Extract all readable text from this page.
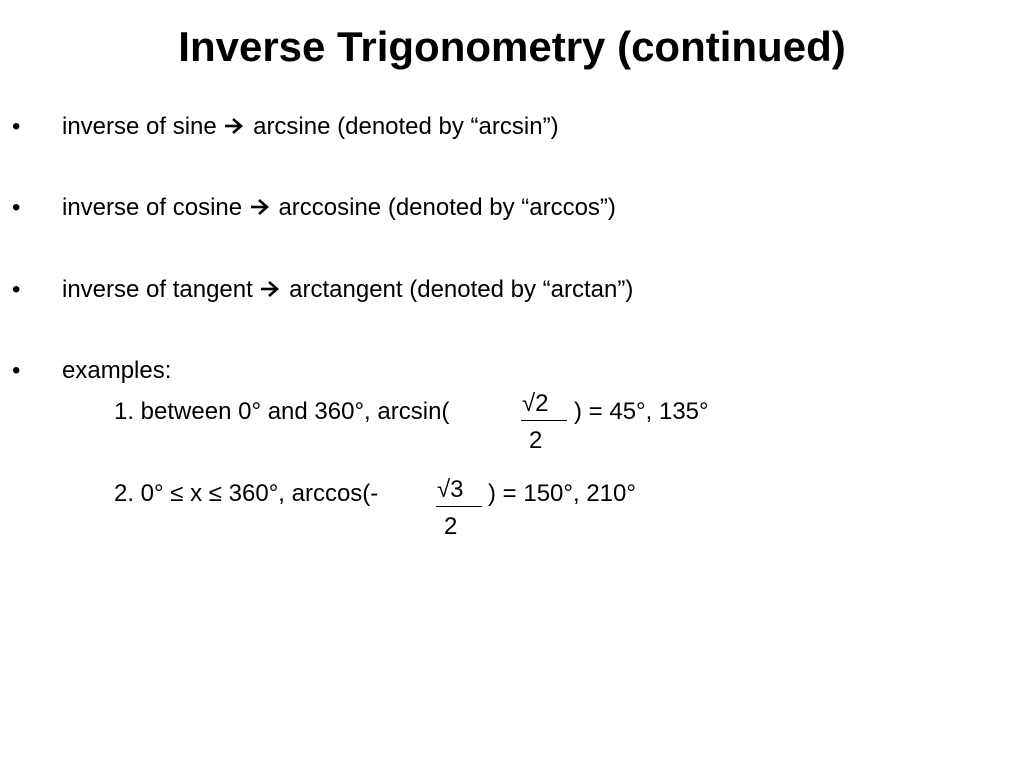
Inverse Trigonometry (continued)
• inverse of sine arcsine (denoted by “arcsin”)
• inverse of cosine arccosine (denoted by “arccos”)
• inverse of tangent arctangent (denoted by “arctan”)
• examples:
1. between 0° and 360°, arcsin(	√2
2
) = 45°, 135°
2. 0° ≤ x ≤ 360°, arccos(- √3
2
) = 150°, 210°
